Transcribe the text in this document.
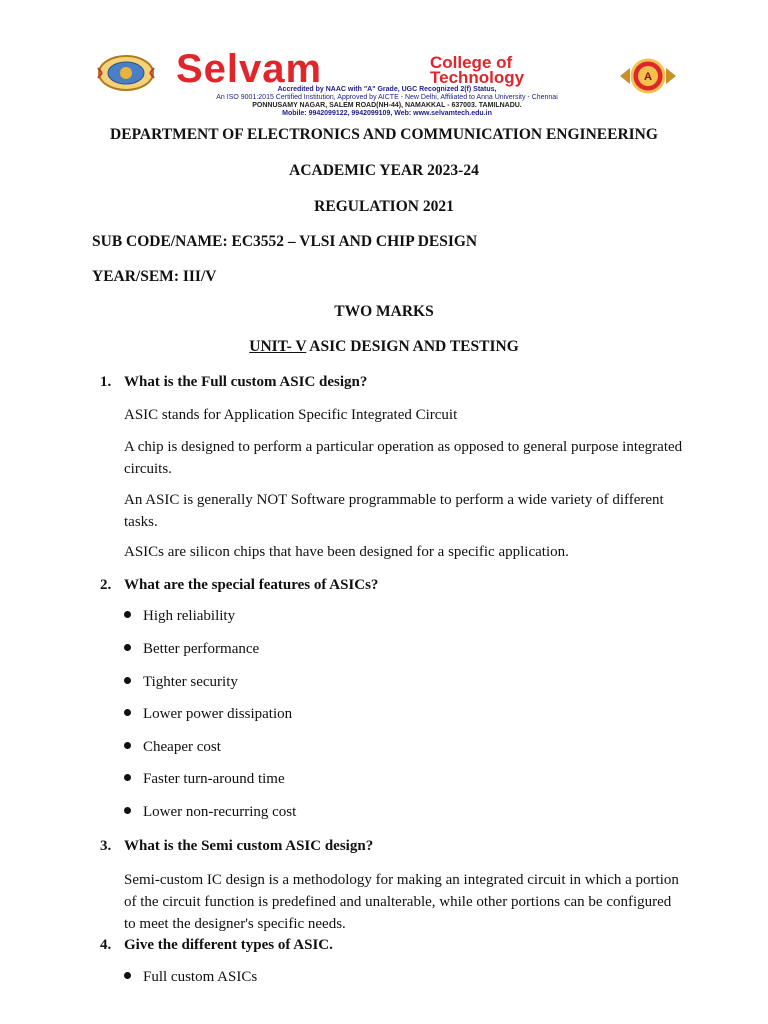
Selvam	College of
Technology	A
Accredited by NAAC with "A" Grade, UGC Recognized 2(f) Status,
An ISO 9001:2015 Certified Institution, Approved by AICTE - New Delhi, Affiliated to Anna University - Chennai
PONNUSAMY NAGAR, SALEM ROAD(NH-44), NAMAKKAL - 637003. TAMILNADU.
Mobile: 9942099122, 9942099109, Web: www.selvamtech.edu.in
DEPARTMENT OF ELECTRONICS AND COMMUNICATION ENGINEERING
ACADEMIC YEAR 2023-24
REGULATION 2021
SUB CODE/NAME: EC3552 – VLSI AND CHIP DESIGN
YEAR/SEM: III/V
TWO MARKS
UNIT- V ASIC DESIGN AND TESTING
1. What is the Full custom ASIC design?
ASIC stands for Application Specific Integrated Circuit
A chip is designed to perform a particular operation as opposed to general purpose integrated circuits.
An ASIC is generally NOT Software programmable to perform a wide variety of different tasks.
ASICs are silicon chips that have been designed for a specific application.
2. What are the special features of ASICs?
High reliability
Better performance
Tighter security
Lower power dissipation
Cheaper cost
Faster turn-around time
Lower non-recurring cost
3. What is the Semi custom ASIC design?
Semi-custom IC design is a methodology for making an integrated circuit in which a portion of the circuit function is predefined and unalterable, while other portions can be configured to meet the designer's specific needs.
4. Give the different types of ASIC.
Full custom ASICs
